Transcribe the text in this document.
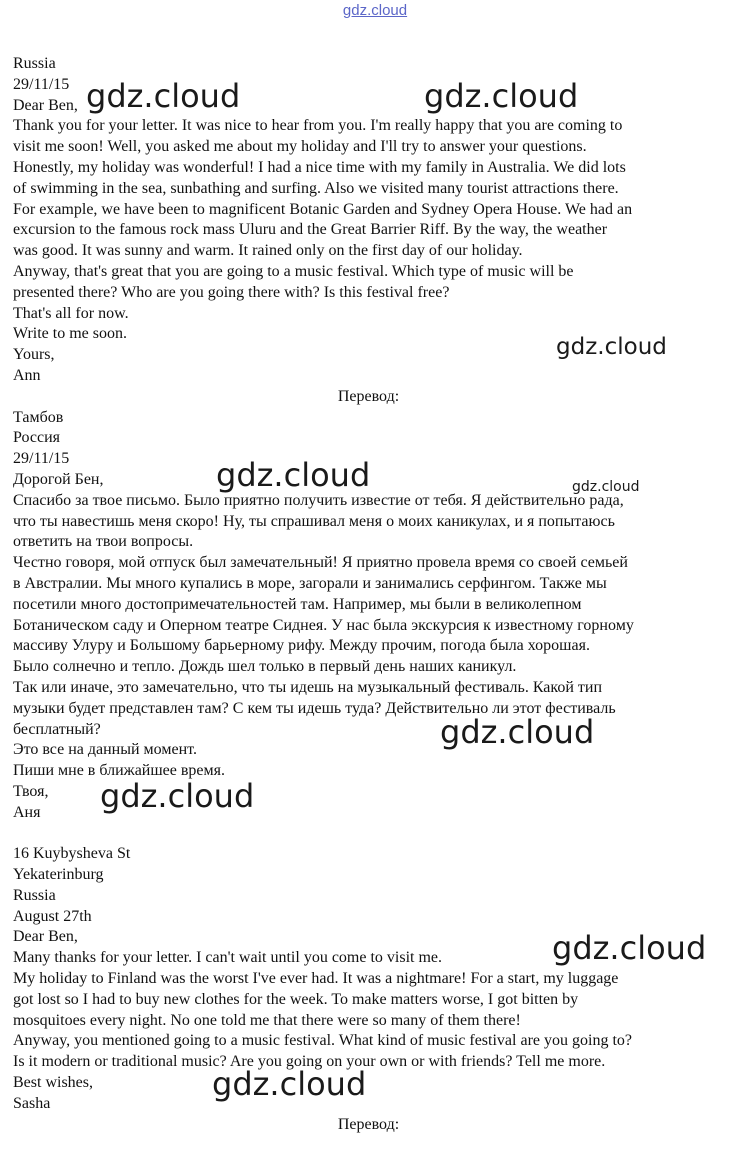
gdz.cloud
Russia
29/11/15
Dear Ben,
Thank you for your letter. It was nice to hear from you. I'm really happy that you are coming to
visit me soon! Well, you asked me about my holiday and I'll try to answer your questions.
Honestly, my holiday was wonderful! I had a nice time with my family in Australia. We did lots
of swimming in the sea, sunbathing and surfing. Also we visited many tourist attractions there.
For example, we have been to magnificent Botanic Garden and Sydney Opera House. We had an
excursion to the famous rock mass Uluru and the Great Barrier Riff. By the way, the weather
was good. It was sunny and warm. It rained only on the first day of our holiday.
Anyway, that's great that you are going to a music festival. Which type of music will be
presented there? Who are you going there with? Is this festival free?
That's all for now.
Write to me soon.
Yours,
Ann
Перевод:
Тамбов
Россия
29/11/15
Дорогой Бен,
Спасибо за твое письмо. Было приятно получить известие от тебя. Я действительно рада,
что ты навестишь меня скоро! Ну, ты спрашивал меня о моих каникулах, и я попытаюсь
ответить на твои вопросы.
Честно говоря, мой отпуск был замечательный! Я приятно провела время со своей семьей
в Австралии. Мы много купались в море, загорали и занимались серфингом. Также мы
посетили много достопримечательностей там. Например, мы были в великолепном
Ботаническом саду и Оперном театре Сиднея. У нас была экскурсия к известному горному
массиву Улуру и Большому барьерному рифу. Между прочим, погода была хорошая.
Было солнечно и тепло. Дождь шел только в первый день наших каникул.
Так или иначе, это замечательно, что ты идешь на музыкальный фестиваль. Какой тип
музыки будет представлен там? С кем ты идешь туда? Действительно ли этот фестиваль
бесплатный?
Это все на данный момент.
Пиши мне в ближайшее время.
Твоя,
Аня
16 Kuybysheva St
Yekaterinburg
Russia
August 27th
Dear Ben,
Many thanks for your letter. I can't wait until you come to visit me.
My holiday to Finland was the worst I've ever had. It was a nightmare! For a start, my luggage
got lost so I had to buy new clothes for the week. To make matters worse, I got bitten by
mosquitoes every night. No one told me that there were so many of them there!
Anyway, you mentioned going to a music festival. What kind of music festival are you going to?
Is it modern or traditional music? Are you going on your own or with friends? Tell me more.
Best wishes,
Sasha
Перевод:
gdz.cloud	gdz.cloud
gdz.cloud
gdz.cloud	gdz.cloud
gdz.cloud
gdz.cloud
gdz.cloud
gdz.cloud
